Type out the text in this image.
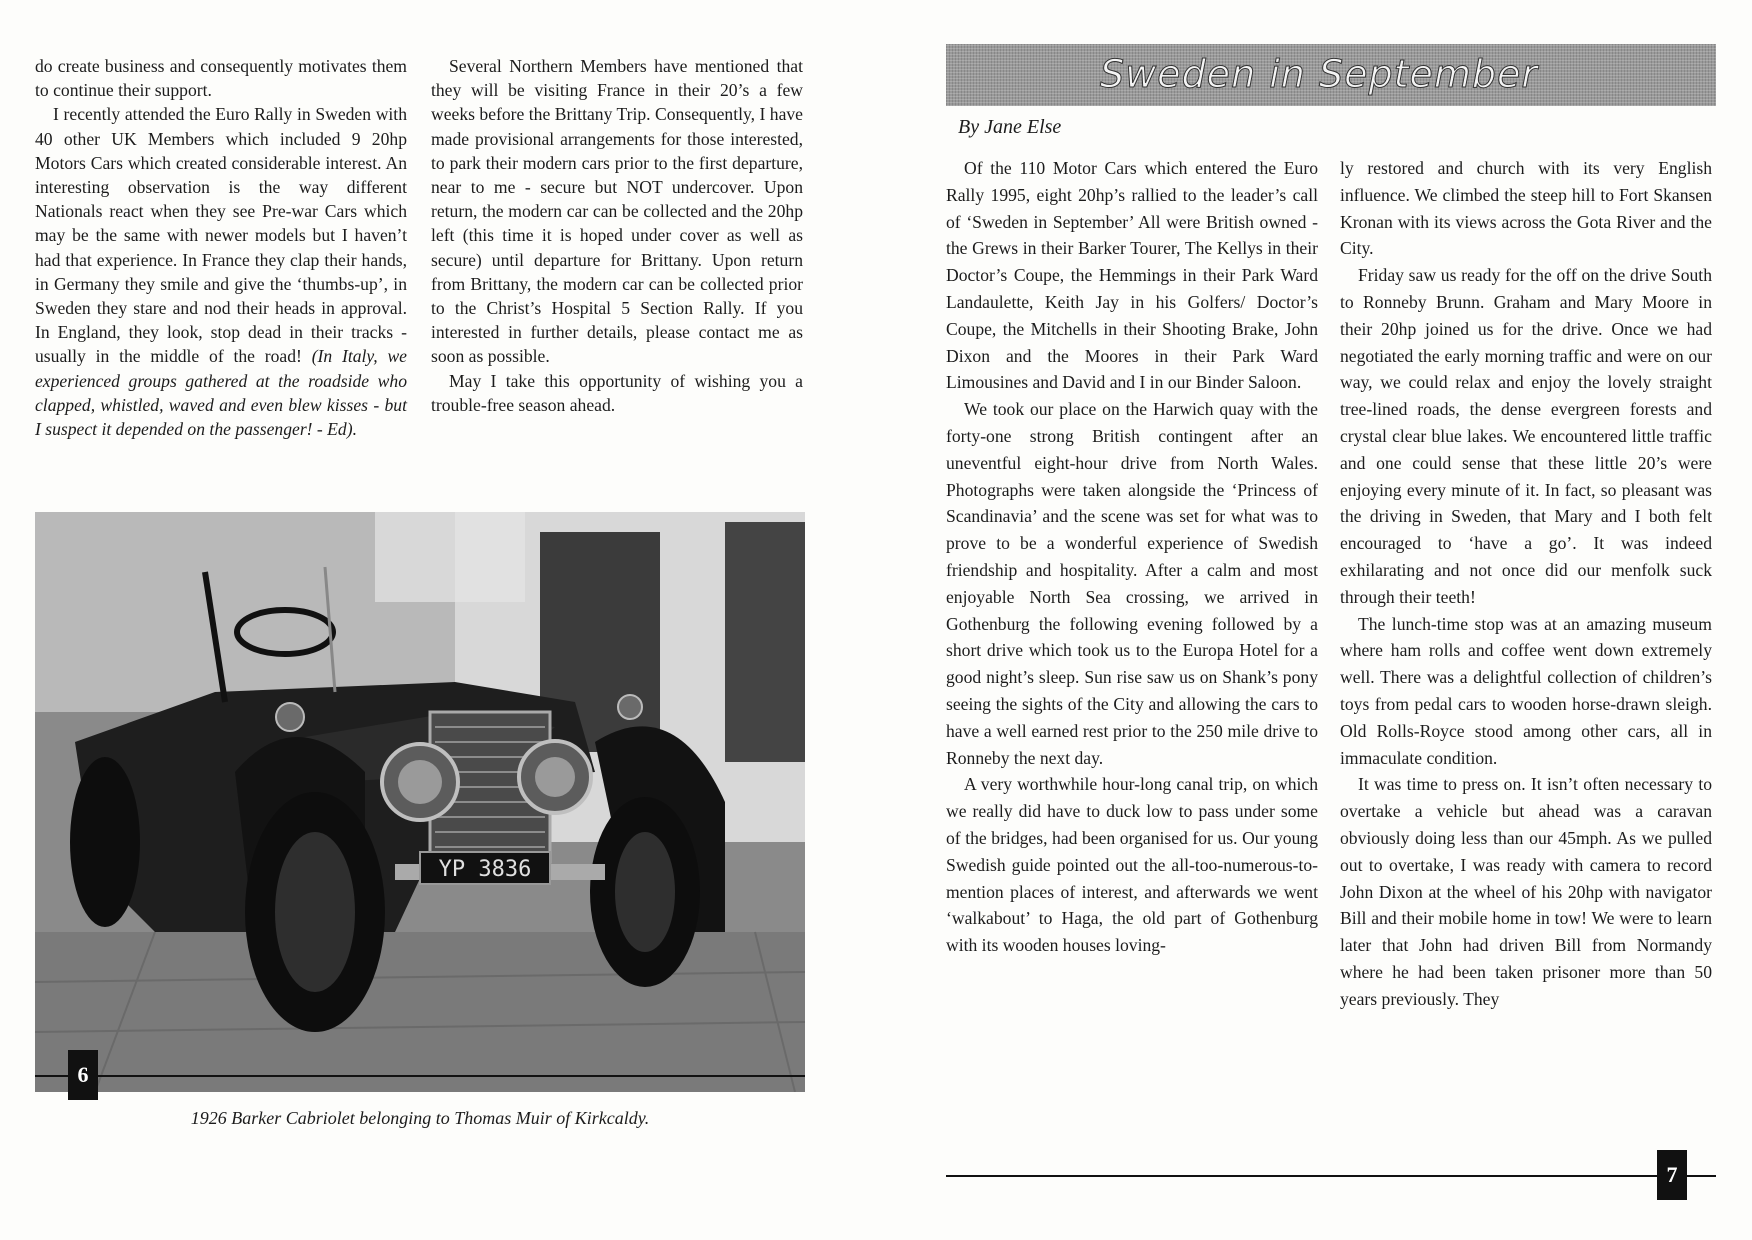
do create business and consequently motivates them to continue their support.

I recently attended the Euro Rally in Sweden with 40 other UK Members which included 9 20hp Motors Cars which created considerable interest. An interesting observation is the way different Nationals react when they see Pre-war Cars which may be the same with newer models but I haven’t had that experience. In France they clap their hands, in Germany they smile and give the ‘thumbs-up’, in Sweden they stare and nod their heads in approval. In England, they look, stop dead in their tracks - usually in the middle of the road! (In Italy, we experienced groups gathered at the roadside who clapped, whistled, waved and even blew kisses - but I suspect it depended on the passenger! - Ed).

Several Northern Members have mentioned that they will be visiting France in their 20’s a few weeks before the Brittany Trip. Consequently, I have made provisional arrangements for those interested, to park their modern cars prior to the first departure, near to me - secure but NOT undercover. Upon return, the modern car can be collected and the 20hp left (this time it is hoped under cover as well as secure) until departure for Brittany. Upon return from Brittany, the modern car can be collected prior to the Christ’s Hospital 5 Section Rally. If you interested in further details, please contact me as soon as possible.

May I take this opportunity of wishing you a trouble-free season ahead.

YP 3836
1926 Barker Cabriolet belonging to Thomas Muir of Kirkcaldy.
6
Sweden in September
By Jane Else

Of the 110 Motor Cars which entered the Euro Rally 1995, eight 20hp’s rallied to the leader’s call of ‘Sweden in September’ All were British owned - the Grews in their Barker Tourer, The Kellys in their Doctor’s Coupe, the Hemmings in their Park Ward Landaulette, Keith Jay in his Golfers/ Doctor’s Coupe, the Mitchells in their Shooting Brake, John Dixon and the Moores in their Park Ward Limousines and David and I in our Binder Saloon.

We took our place on the Harwich quay with the forty-one strong British contingent after an uneventful eight-hour drive from North Wales. Photographs were taken alongside the ‘Princess of Scandinavia’ and the scene was set for what was to prove to be a wonderful experience of Swedish friendship and hospitality. After a calm and most enjoyable North Sea crossing, we arrived in Gothenburg the following evening followed by a short drive which took us to the Europa Hotel for a good night’s sleep. Sun rise saw us on Shank’s pony seeing the sights of the City and allowing the cars to have a well earned rest prior to the 250 mile drive to Ronneby the next day.

A very worthwhile hour-long canal trip, on which we really did have to duck low to pass under some of the bridges, had been organised for us. Our young Swedish guide pointed out the all-too-numerous-to-mention places of interest, and afterwards we went ‘walkabout’ to Haga, the old part of Gothenburg with its wooden houses loving-

ly restored and church with its very English influence. We climbed the steep hill to Fort Skansen Kronan with its views across the Gota River and the City.

Friday saw us ready for the off on the drive South to Ronneby Brunn. Graham and Mary Moore in their 20hp joined us for the drive. Once we had negotiated the early morning traffic and were on our way, we could relax and enjoy the lovely straight tree-lined roads, the dense evergreen forests and crystal clear blue lakes. We encountered little traffic and one could sense that these little 20’s were enjoying every minute of it. In fact, so pleasant was the driving in Sweden, that Mary and I both felt encouraged to ‘have a go’. It was indeed exhilarating and not once did our menfolk suck through their teeth!

The lunch-time stop was at an amazing museum where ham rolls and coffee went down extremely well. There was a delightful collection of children’s toys from pedal cars to wooden horse-drawn sleigh. Old Rolls-Royce stood among other cars, all in immaculate condition.

It was time to press on. It isn’t often necessary to overtake a vehicle but ahead was a caravan obviously doing less than our 45mph. As we pulled out to overtake, I was ready with camera to record John Dixon at the wheel of his 20hp with navigator Bill and their mobile home in tow! We were to learn later that John had driven Bill from Normandy where he had been taken prisoner more than 50 years previously. They

7
